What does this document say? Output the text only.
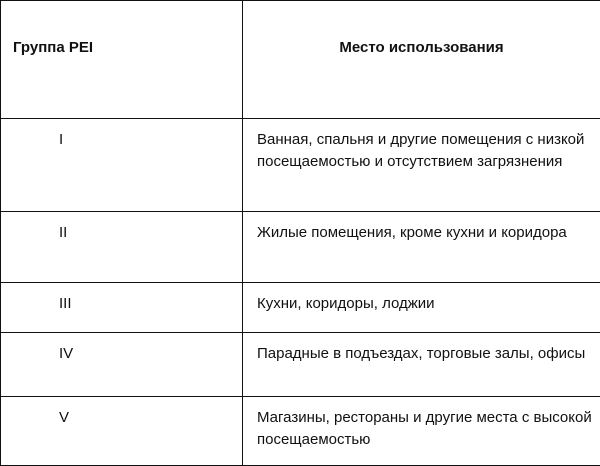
Группа PEI	Место использования
I	Ванная, спальня и другие помещения с низкой посещаемостью и отсутствием загрязнения
II	Жилые помещения, кроме кухни и коридора
III	Кухни, коридоры, лоджии
IV	Парадные в подъездах, торговые залы, офисы
V	Магазины, рестораны и другие места с высокой посещаемостью
